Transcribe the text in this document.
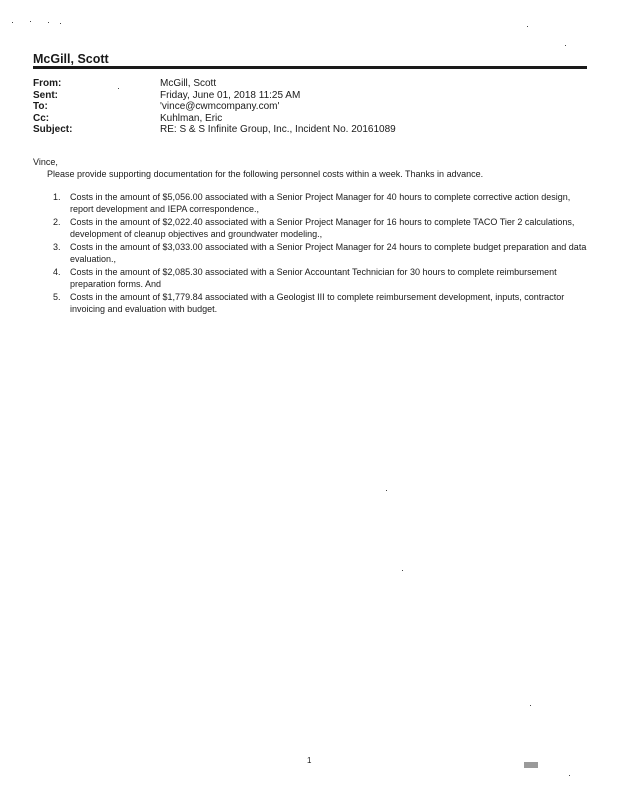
McGill, Scott
From:	McGill, Scott
Sent:	Friday, June 01, 2018 11:25 AM
To:	'vince@cwmcompany.com'
Cc:	Kuhlman, Eric
Subject:	RE: S & S Infinite Group, Inc., Incident No. 20161089

Vince,

Please provide supporting documentation for the following personnel costs within a week. Thanks in advance.

1. Costs in the amount of $5,056.00 associated with a Senior Project Manager for 40 hours to complete corrective action design, report development and IEPA correspondence.,
2. Costs in the amount of $2,022.40 associated with a Senior Project Manager for 16 hours to complete TACO Tier 2 calculations, development of cleanup objectives and groundwater modeling.,
3. Costs in the amount of $3,033.00 associated with a Senior Project Manager for 24 hours to complete budget preparation and data evaluation.,
4. Costs in the amount of $2,085.30 associated with a Senior Accountant Technician for 30 hours to complete reimbursement preparation forms. And
5. Costs in the amount of $1,779.84 associated with a Geologist III to complete reimbursement development, inputs, contractor invoicing and evaluation with budget.
1
